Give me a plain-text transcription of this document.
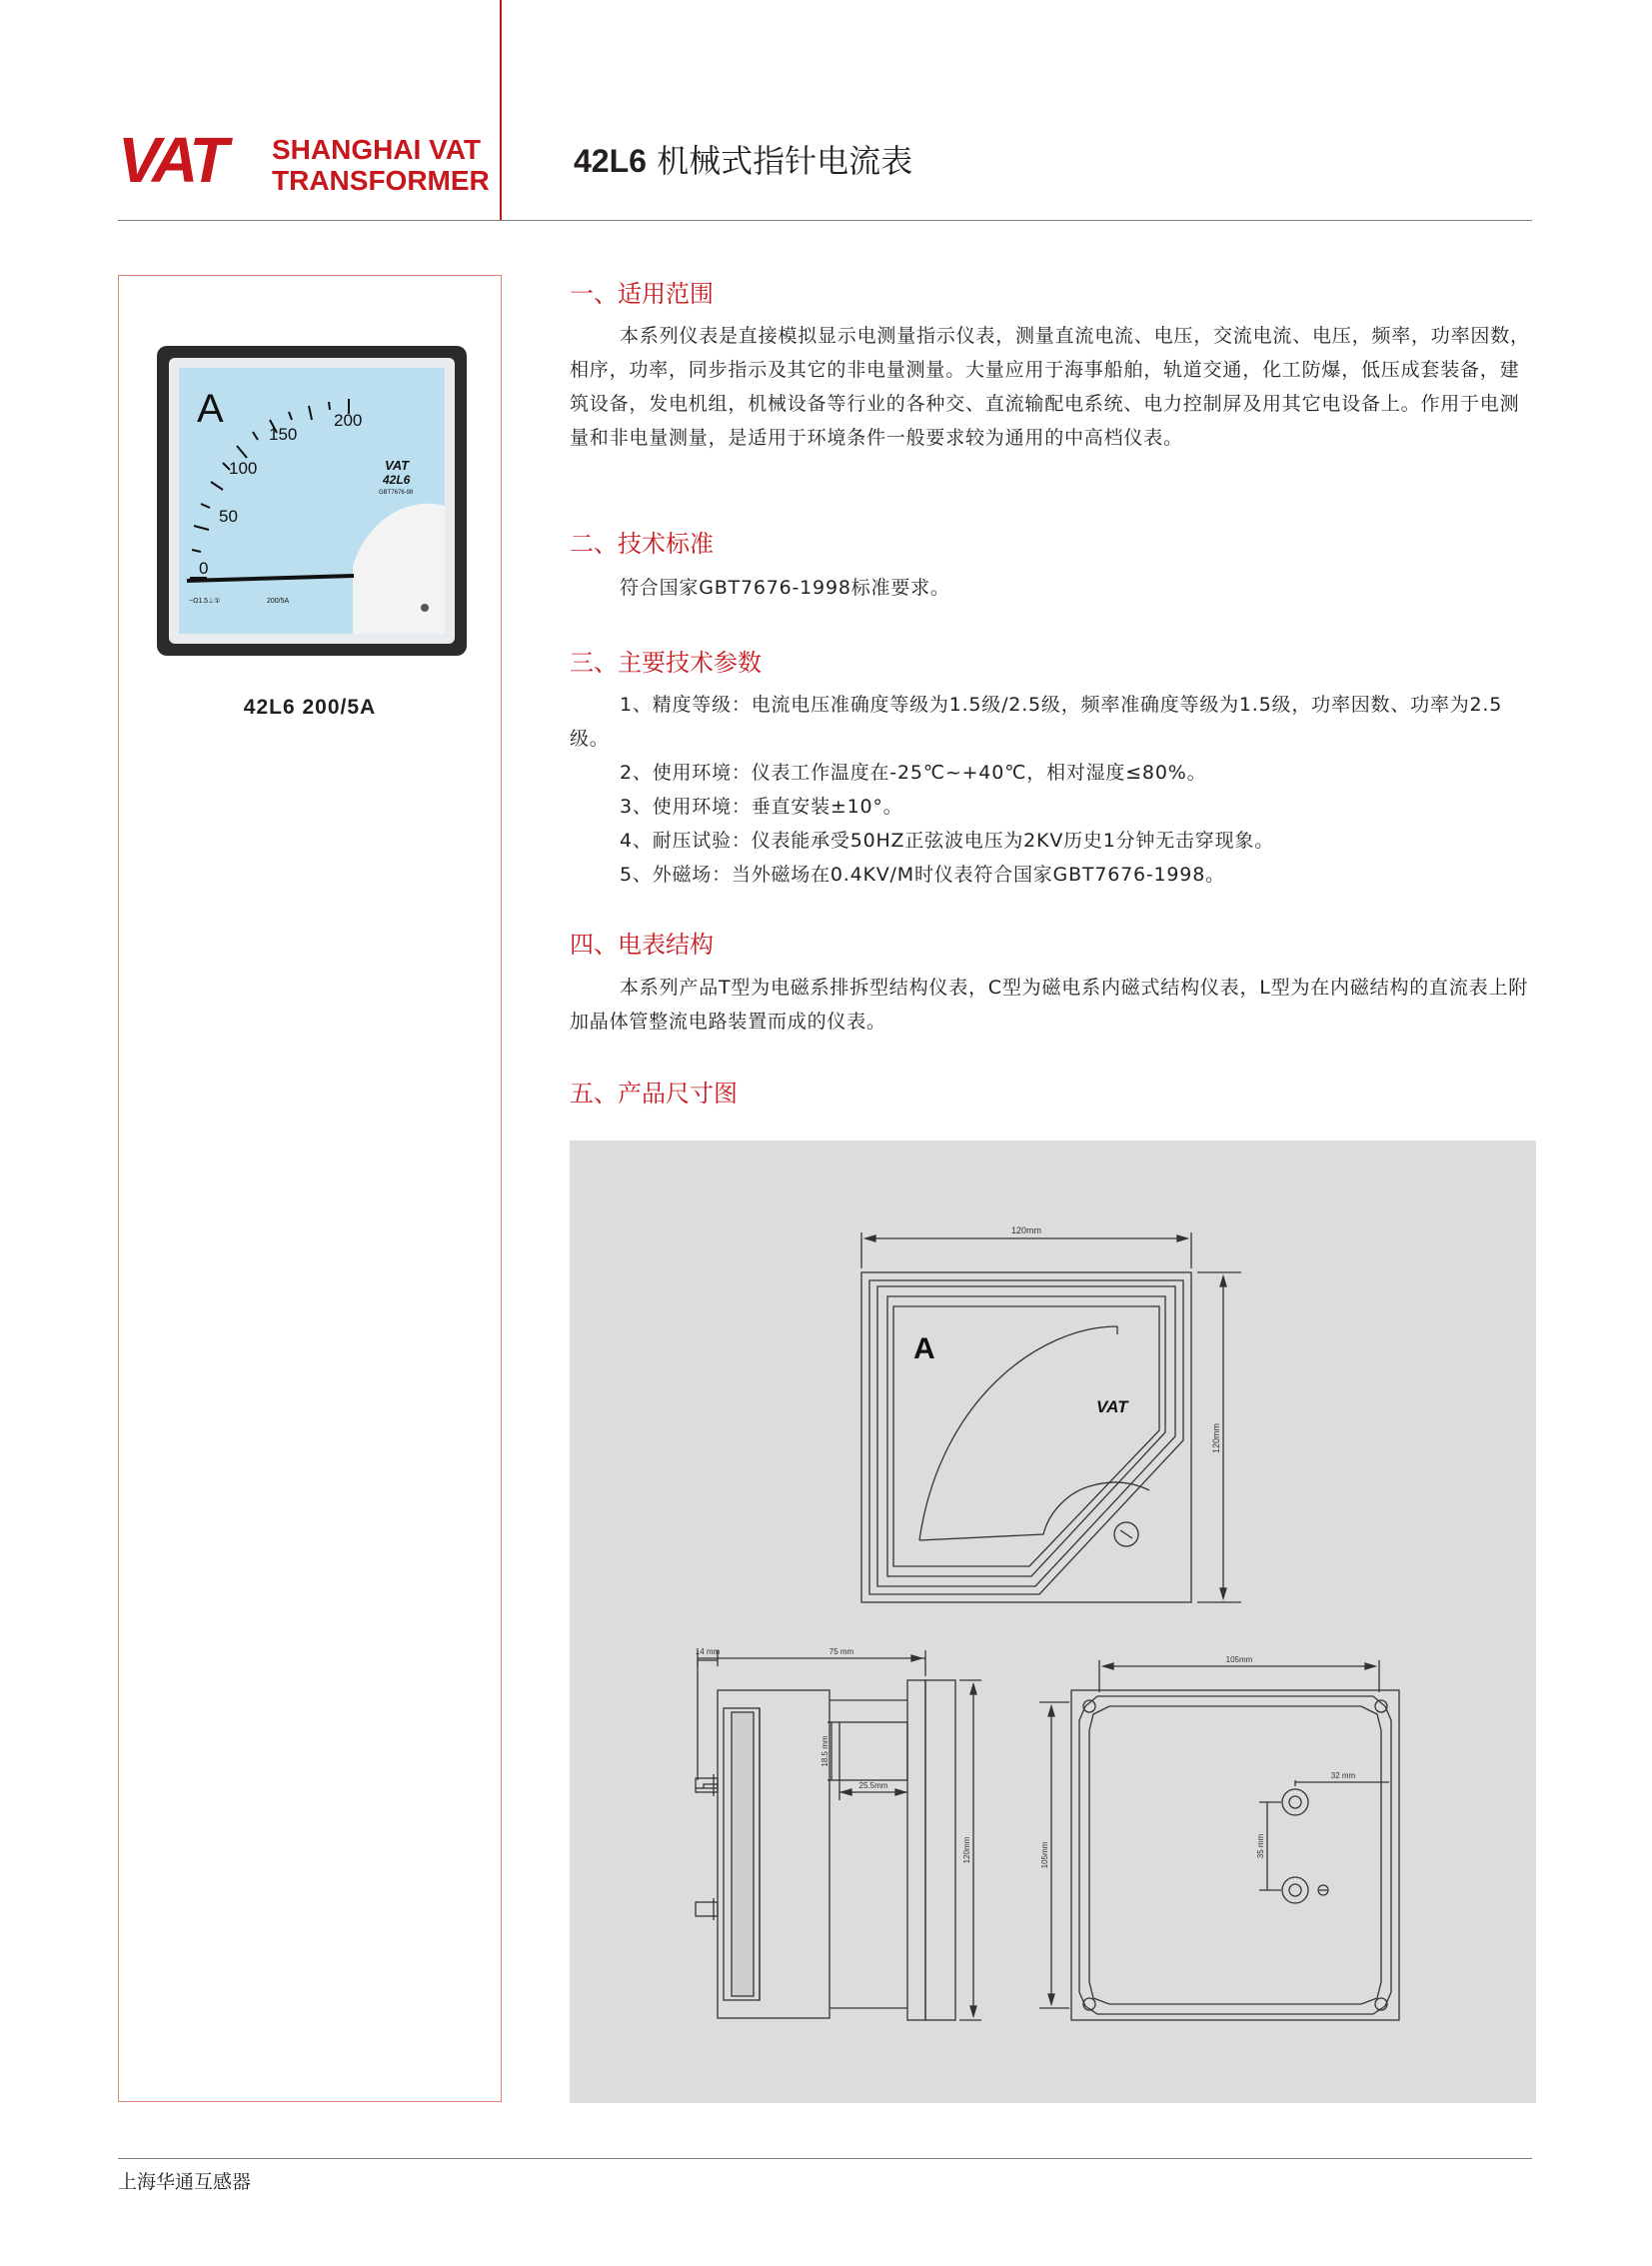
VAT SHANGHAI VAT
TRANSFORMER
42L6 机械式指针电流表
A
0
50
100
150
200
VAT
42L6
GBT7676-98
~Ω1.5⊥①	200/5A
42L6 200/5A
一、适用范围

本系列仪表是直接模拟显示电测量指示仪表，测量直流电流、电压，交流电流、电压，频率，功率因数，相序，功率，同步指示及其它的非电量测量。大量应用于海事船舶，轨道交通，化工防爆，低压成套装备，建筑设备，发电机组，机械设备等行业的各种交、直流输配电系统、电力控制屏及用其它电设备上。作用于电测量和非电量测量，是适用于环境条件一般要求较为通用的中高档仪表。

二、技术标准

符合国家GBT7676-1998标准要求。

三、主要技术参数

1、精度等级：电流电压准确度等级为1.5级/2.5级，频率准确度等级为1.5级，功率因数、功率为2.5级。

2、使用环境：仪表工作温度在-25℃~+40℃，相对湿度≤80%。

3、使用环境：垂直安装±10°。

4、耐压试验：仪表能承受50HZ正弦波电压为2KV历史1分钟无击穿现象。

5、外磁场：当外磁场在0.4KV/M时仪表符合国家GBT7676-1998。

四、电表结构

本系列产品T型为电磁系排拆型结构仪表，C型为磁电系内磁式结构仪表，L型为在内磁结构的直流表上附加晶体管整流电路装置而成的仪表。

五、产品尺寸图
120mm
120mm
A
VAT
14 mm	75 mm
18.5 mm
25.5mm
120mm
105mm
105mm
32 mm
35 mm
上海华通互感器
